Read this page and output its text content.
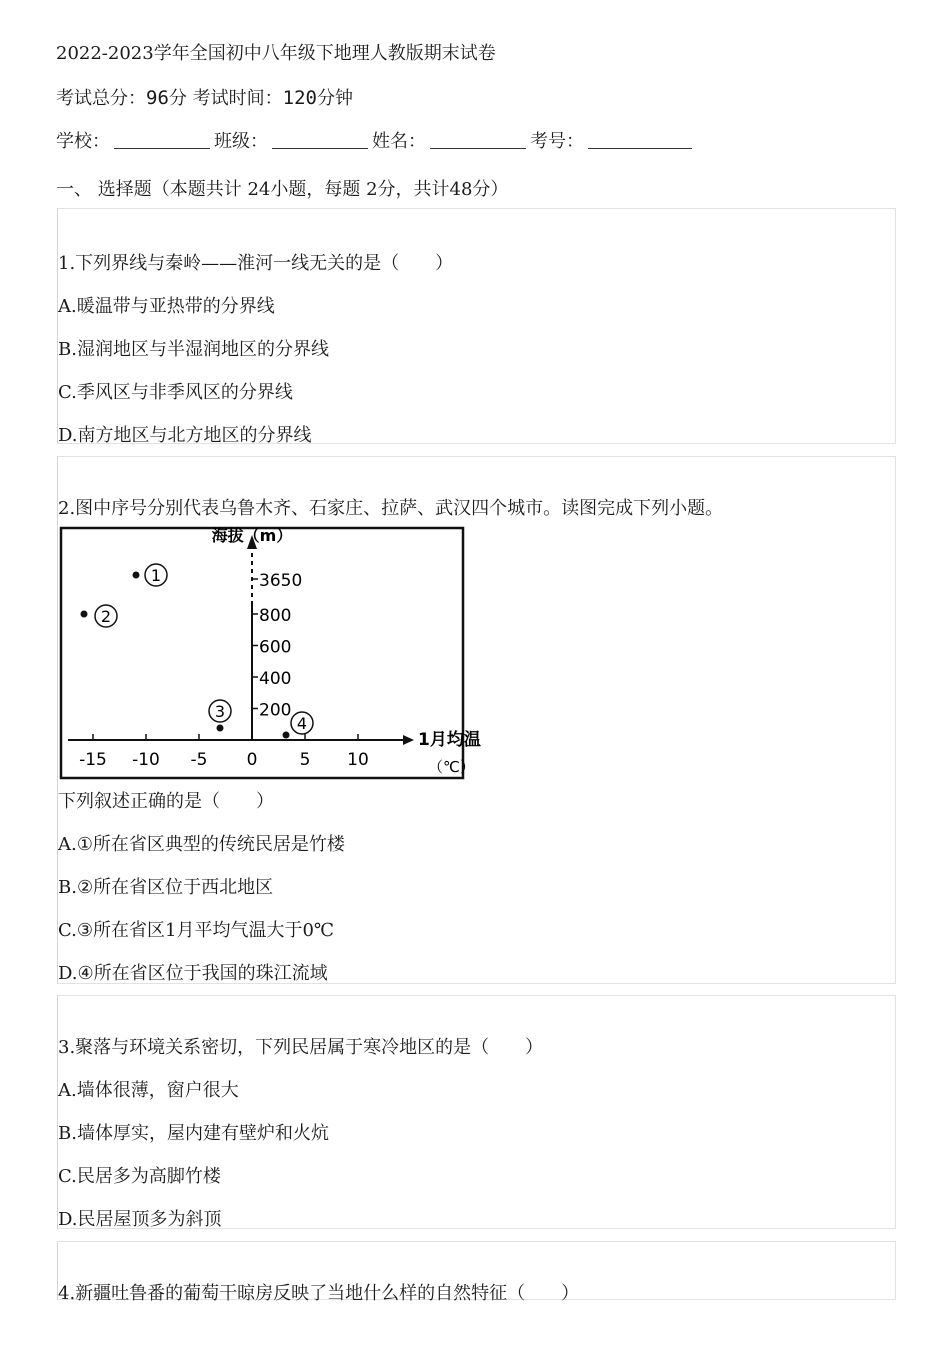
2022-2023学年全国初中八年级下地理人教版期末试卷
考试总分：96分 考试时间：120分钟
学校：	班级：	姓名：	考号：
一、 选择题（本题共计 24小题，每题 2分，共计48分）
1.下列界线与秦岭——淮河一线无关的是（　　）
A.暖温带与亚热带的分界线
B.湿润地区与半湿润地区的分界线
C.季风区与非季风区的分界线
D.南方地区与北方地区的分界线
2.图中序号分别代表乌鲁木齐、石家庄、拉萨、武汉四个城市。读图完成下列小题。
海拔（m）
1月均温
（℃）
-15 -10 -5 0 5 10
200
400
600
800
3650
1
2
3
4
下列叙述正确的是（　　）
A.①所在省区典型的传统民居是竹楼
B.②所在省区位于西北地区
C.③所在省区1月平均气温大于0℃
D.④所在省区位于我国的珠江流域
3.聚落与环境关系密切，下列民居属于寒冷地区的是（　　）
A.墙体很薄，窗户很大
B.墙体厚实，屋内建有壁炉和火炕
C.民居多为高脚竹楼
D.民居屋顶多为斜顶
4.新疆吐鲁番的葡萄干晾房反映了当地什么样的自然特征（　　）
